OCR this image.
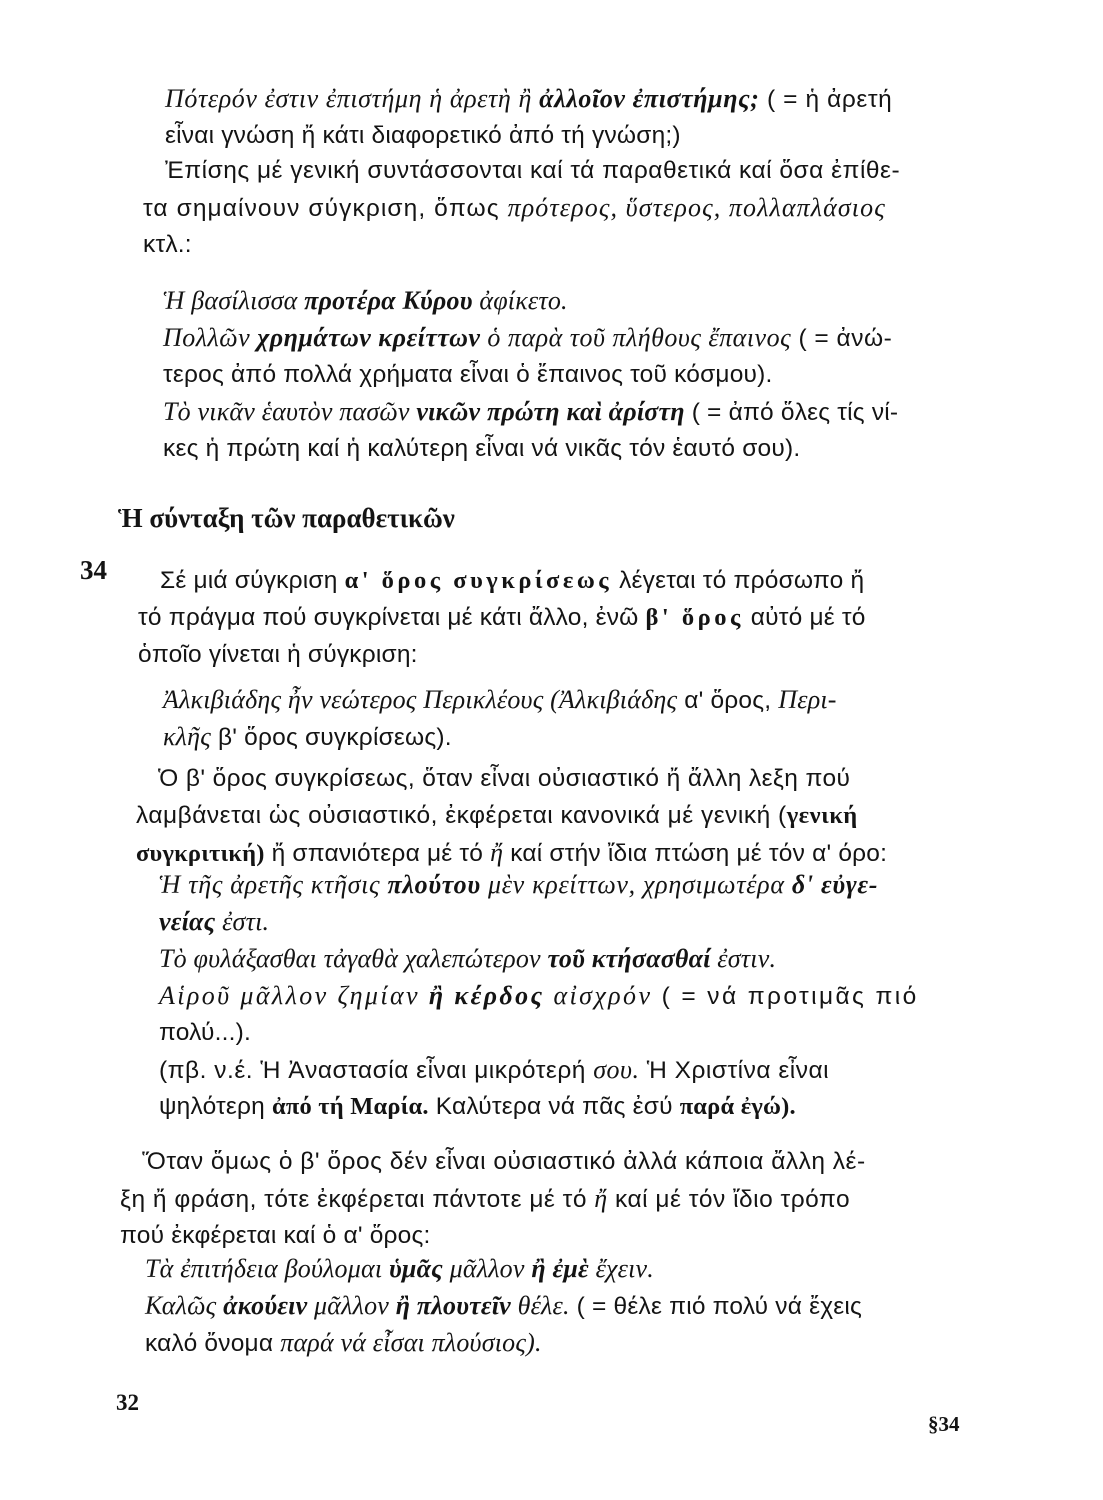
Πότερόν ἐστιν ἐπιστήμη ἡ ἀρετὴ ἢ ἀλλοῖον ἐπιστήμης; ( = ἡ ἀρετή
εἶναι γνώση ἤ κάτι διαφορετικό ἀπό τή γνώση;)
Ἐπίσης μέ γενική συντάσσονται καί τά παραθετικά καί ὅσα ἐπίθε-
τα σημαίνουν σύγκριση, ὅπως πρότερος, ὕστερος, πολλαπλάσιος
κτλ.:
Ἡ βασίλισσα προτέρα Κύρου ἀφίκετο.
Πολλῶν χρημάτων κρείττων ὁ παρὰ τοῦ πλήθους ἔπαινος ( = ἀνώ-
τερος ἀπό πολλά χρήματα εἶναι ὁ ἔπαινος τοῦ κόσμου).
Τὸ νικᾶν ἑαυτὸν πασῶν νικῶν πρώτη καὶ ἀρίστη ( = ἀπό ὅλες τίς νί-
κες ἡ πρώτη καί ἡ καλύτερη εἶναι νά νικᾶς τόν ἑαυτό σου).
Ἡ σύνταξη τῶν παραθετικῶν
34	Σέ μιά σύγκριση α' ὅρος συγκρίσεως λέγεται τό πρόσωπο ἤ
τό πράγμα πού συγκρίνεται μέ κάτι ἄλλο, ἐνῶ β' ὅρος αὐτό μέ τό
ὁποῖο γίνεται ἡ σύγκριση:
Ἀλκιβιάδης ἦν νεώτερος Περικλέους (Ἀλκιβιάδης α' ὅρος, Περι-
κλῆς β' ὅρος συγκρίσεως).
Ὁ β' ὅρος συγκρίσεως, ὅταν εἶναι οὐσιαστικό ἤ ἄλλη λεξη πού
λαμβάνεται ὡς οὐσιαστικό, ἐκφέρεται κανονικά μέ γενική (γενική
συγκριτική) ἤ σπανιότερα μέ τό ἤ καί στήν ἴδια πτώση μέ τόν α' όρο:
Ἡ τῆς ἀρετῆς κτῆσις πλούτου μὲν κρείττων, χρησιμωτέρα δ' εὐγε-
νείας ἐστι.
Τὸ φυλάξασθαι τἀγαθὰ χαλεπώτερον τοῦ κτήσασθαί ἐστιν.
Αἱροῦ μᾶλλον ζημίαν ἢ κέρδος αἰσχρόν ( = νά προτιμᾶς πιό
πολύ...).
(πβ. ν.έ. Ἡ Ἀναστασία εἶναι μικρότερή σου. Ἡ Χριστίνα εἶναι
ψηλότερη ἀπό τή Μαρία. Καλύτερα νά πᾶς ἐσύ παρά ἐγώ).
Ὅταν ὅμως ὁ β' ὅρος δέν εἶναι οὐσιαστικό ἀλλά κάποια ἄλλη λέ-
ξη ἤ φράση, τότε ἐκφέρεται πάντοτε μέ τό ἤ καί μέ τόν ἴδιο τρόπο
πού ἐκφέρεται καί ὁ α' ὅρος:
Τὰ ἐπιτήδεια βούλομαι ὑμᾶς μᾶλλον ἢ ἐμὲ ἔχειν.
Καλῶς ἀκούειν μᾶλλον ἢ πλουτεῖν θέλε. ( = θέλε πιό πολύ νά ἔχεις
καλό ὄνομα παρά νά εἶσαι πλούσιος).
32
§34
